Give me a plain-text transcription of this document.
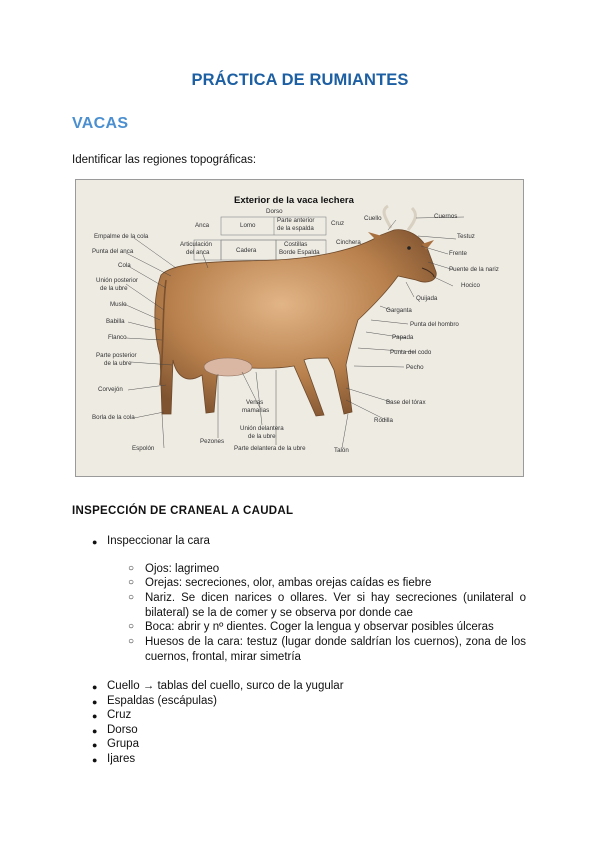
PRÁCTICA DE RUMIANTES
VACAS
Identificar las regiones topográficas:
Exterior de la vaca lechera
Dorso
Anca	Lomo
Parte anterior
de la espalda
Cruz
Cuello	Cuernos
Testuz
Frente
Puente de la nariz
Hocico
Quijada
Cinchera
Articulación
del anca	Cadera
Costillas
Borde Espalda
Empalme de la cola
Punta del anca
Cola
Unión posterior
de la ubre
Muslo
Babilla
Flanco
Parte posterior
de la ubre
Corvejón
Borla de la cola
Espolón
Pezones
Venas
mamarias
Unión delantera
de la ubre
Parte delantera de la ubre	Talón
Garganta
Punta del hombro
Papada
Punta del codo
Pecho
Base del tórax
Rodilla
INSPECCIÓN DE CRANEAL A CAUDAL
● Inspeccionar la cara
○ Ojos: lagrimeo
○ Orejas: secreciones, olor, ambas orejas caídas es fiebre
○ Nariz. Se dicen narices o ollares. Ver si hay secreciones (unilateral o bilateral) se la de comer y se observa por donde cae
○ Boca: abrir y nº dientes. Coger la lengua y observar posibles úlceras
○ Huesos de la cara: testuz (lugar donde saldrían los cuernos), zona de los cuernos, frontal, mirar simetría
● Cuello → tablas del cuello, surco de la yugular
● Espaldas (escápulas)
● Cruz
● Dorso
● Grupa
● Ijares
